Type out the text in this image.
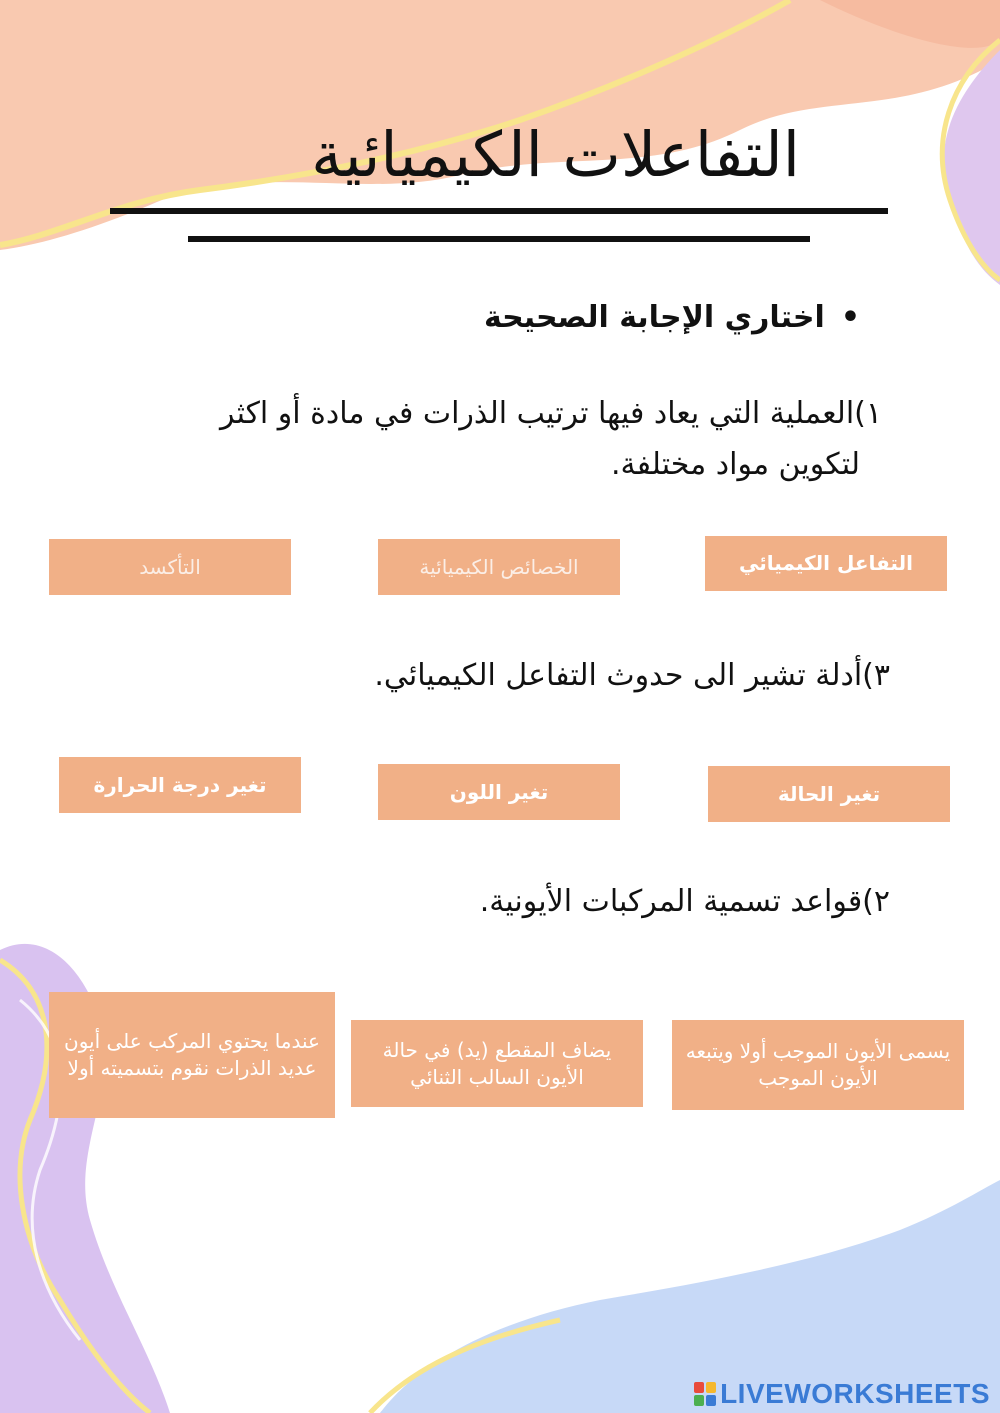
التفاعلات الكيميائية
•اختاري الإجابة الصحيحة
١)العملية التي يعاد فيها ترتيب الذرات في مادة أو اكثر
لتكوين مواد مختلفة.
التفاعل الكيميائي
الخصائص الكيميائية
التأكسد
٣)أدلة تشير الى حدوث التفاعل الكيميائي.
تغير الحالة
تغير اللون
تغير درجة الحرارة
٢)قواعد تسمية المركبات الأيونية.
يسمى الأيون الموجب أولا ويتبعه الأيون الموجب
يضاف المقطع (يد) في حالة الأيون السالب الثنائي
عندما يحتوي المركب على أيون عديد الذرات نقوم بتسميته أولا
LIVEWORKSHEETS
